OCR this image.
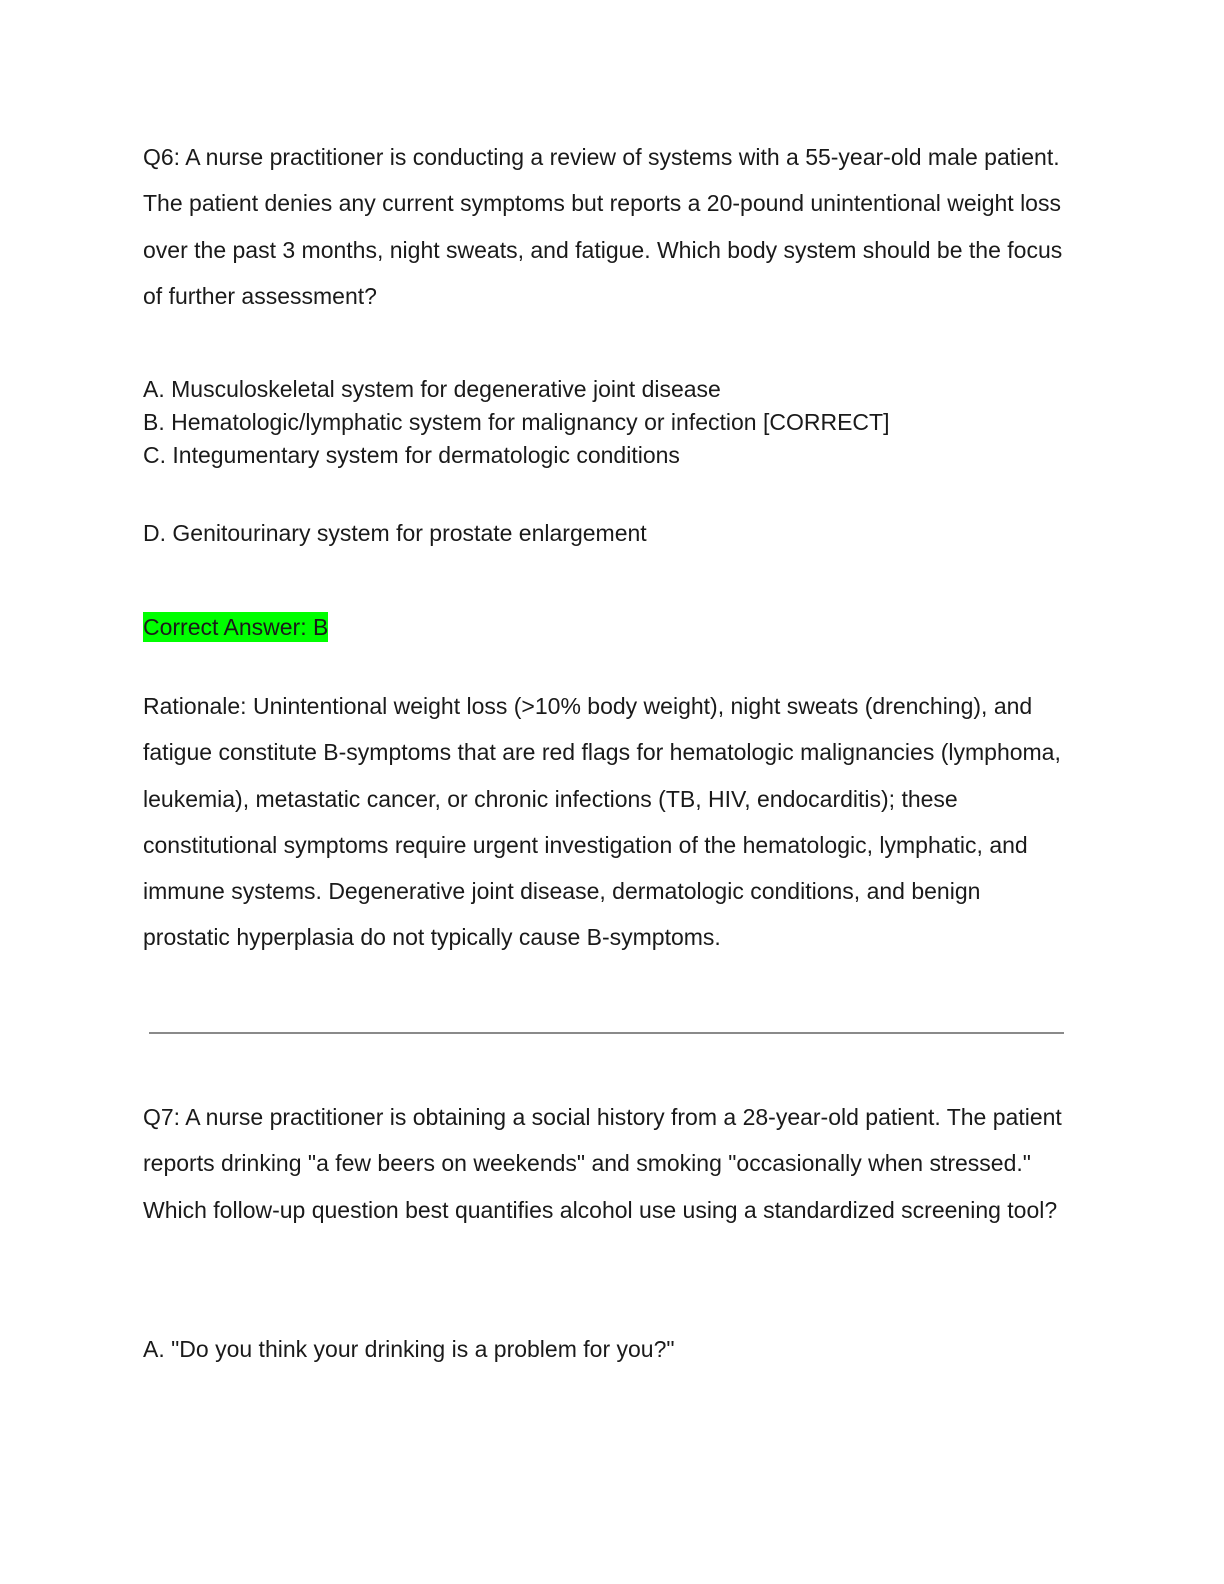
Q6: A nurse practitioner is conducting a review of systems with a 55-year-old male patient. The patient denies any current symptoms but reports a 20-pound unintentional weight loss over the past 3 months, night sweats, and fatigue. Which body system should be the focus of further assessment?

A. Musculoskeletal system for degenerative joint disease

B. Hematologic/lymphatic system for malignancy or infection [CORRECT]

C. Integumentary system for dermatologic conditions

D. Genitourinary system for prostate enlargement

Correct Answer: B

Rationale: Unintentional weight loss (>10% body weight), night sweats (drenching), and fatigue constitute B-symptoms that are red flags for hematologic malignancies (lymphoma, leukemia), metastatic cancer, or chronic infections (TB, HIV, endocarditis); these constitutional symptoms require urgent investigation of the hematologic, lymphatic, and immune systems. Degenerative joint disease, dermatologic conditions, and benign prostatic hyperplasia do not typically cause B-symptoms.

Q7: A nurse practitioner is obtaining a social history from a 28-year-old patient. The patient reports drinking "a few beers on weekends" and smoking "occasionally when stressed." Which follow-up question best quantifies alcohol use using a standardized screening tool?

A. "Do you think your drinking is a problem for you?"
